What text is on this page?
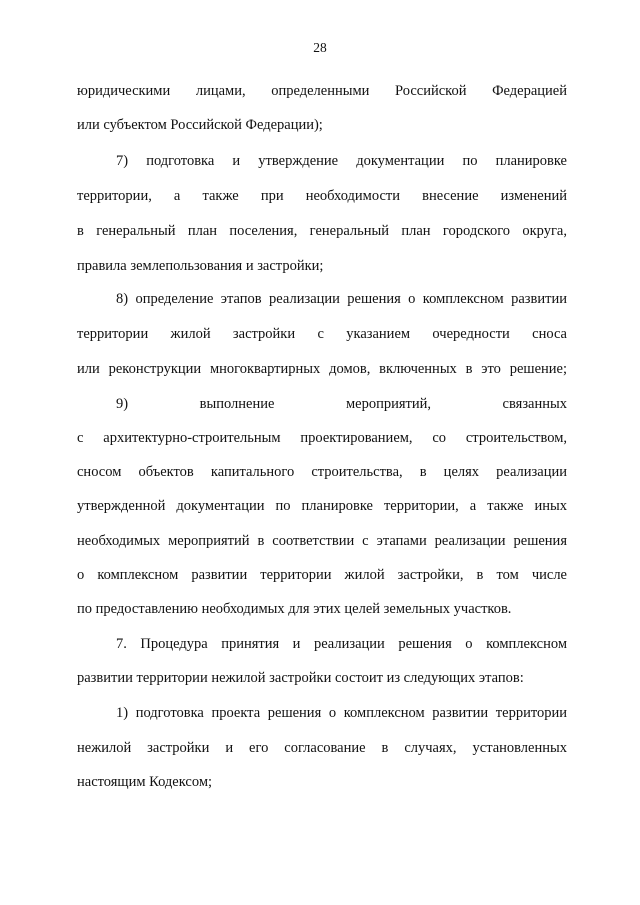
28
юридическими лицами, определенными Российской Федерацией
или субъектом Российской Федерации);
7) подготовка и утверждение документации по планировке
территории, а также при необходимости внесение изменений
в генеральный план поселения, генеральный план городского округа,
правила землепользования и застройки;
8) определение этапов реализации решения о комплексном развитии
территории жилой застройки с указанием очередности сноса
или реконструкции многоквартирных домов, включенных в это решение;
9) выполнение мероприятий, связанных
с архитектурно-строительным проектированием, со строительством,
сносом объектов капитального строительства, в целях реализации
утвержденной документации по планировке территории, а также иных
необходимых мероприятий в соответствии с этапами реализации решения
о комплексном развитии территории жилой застройки, в том числе
по предоставлению необходимых для этих целей земельных участков.
7. Процедура принятия и реализации решения о комплексном
развитии территории нежилой застройки состоит из следующих этапов:
1) подготовка проекта решения о комплексном развитии территории
нежилой застройки и его согласование в случаях, установленных
настоящим Кодексом;
